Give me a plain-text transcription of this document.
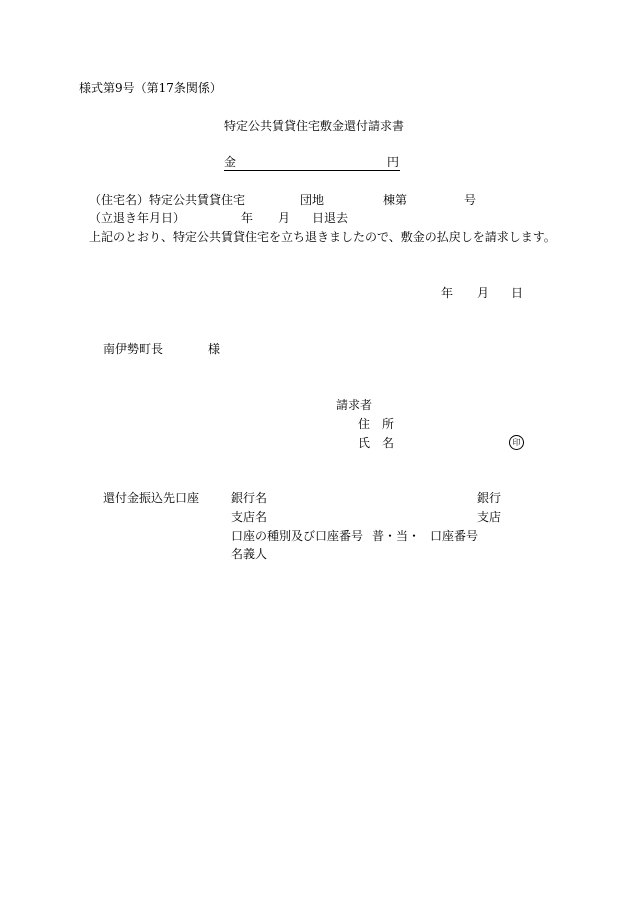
様式第9号（第17条関係）
特定公共賃貸住宅敷金還付請求書
金	円
（住宅名） 特定公共賃貸住宅	団地	棟第	号
（立退き年月日）	年 月 日退去
上記のとおり、特定公共賃貸住宅を立ち退きましたので、敷金の払戻しを請求します。
年 月 日
南伊勢町長	様
請求者
住　所
氏　名	印
還付金振込先口座	銀行名	銀行
支店名	支店
口座の種別及び口座番号 普・当・ 口座番号
名義人
